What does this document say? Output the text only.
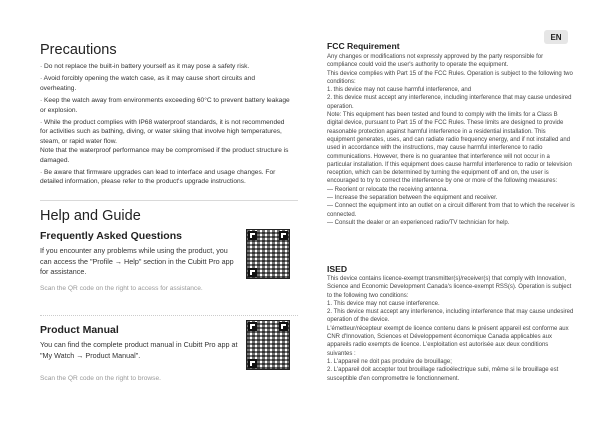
EN
Precautions

· Do not replace the built-in battery yourself as it may pose a safety risk.

· Avoid forcibly opening the watch case, as it may cause short circuits and overheating.

· Keep the watch away from environments exceeding 60°C to prevent battery leakage or explosion.

· While the product complies with IP68 waterproof standards, it is not recommended for activities such as bathing, diving, or water skiing that involve high temperatures, steam, or rapid water flow.

Note that the waterproof performance may be compromised if the product structure is damaged.

· Be aware that firmware upgrades can lead to interface and usage changes. For detailed information, please refer to the product's upgrade instructions.

Help and Guide
Frequently Asked Questions

If you encounter any problems while using the product, you can access the "Profile → Help" section in the Cubitt Pro app for assistance.

Scan the QR code on the right to access for assistance.

Product Manual

You can find the complete product manual in Cubitt Pro app at "My Watch → Product Manual".

Scan the QR code on the right to browse.

FCC Requirement

Any changes or modifications not expressly approved by the party responsible for compliance could void the user's authority to operate the equipment.

This device complies with Part 15 of the FCC Rules. Operation is subject to the following two conditions:

1. this device may not cause harmful interference, and

2. this device must accept any interference, including interference that may cause undesired operation.

Note: This equipment has been tested and found to comply with the limits for a Class B digital device, pursuant to Part 15 of the FCC Rules. These limits are designed to provide reasonable protection against harmful interference in a residential installation. This equipment generates, uses, and can radiate radio frequency energy, and if not installed and used in accordance with the instructions, may cause harmful interference to radio communications. However, there is no guarantee that interference will not occur in a particular installation. If this equipment does cause harmful interference to radio or television reception, which can be determined by turning the equipment off and on, the user is encouraged to try to correct the interference by one or more of the following measures:

— Reorient or relocate the receiving antenna.

— Increase the separation between the equipment and receiver.

— Connect the equipment into an outlet on a circuit different from that to which the receiver is connected.

— Consult the dealer or an experienced radio/TV technician for help.

ISED

This device contains licence-exempt transmitter(s)/receiver(s) that comply with Innovation, Science and Economic Development Canada's licence-exempt RSS(s). Operation is subject to the following two conditions:

1. This device may not cause interference.

2. This device must accept any interference, including interference that may cause undesired operation of the device.

L'émetteur/récepteur exempt de licence contenu dans le présent appareil est conforme aux

CNR d'Innovation, Sciences et Développement économique Canada applicables aux appareils radio exempts de licence. L'exploitation est autorisée aux deux conditions suivantes :

1. L'appareil ne doit pas produire de brouillage;

2. L'appareil doit accepter tout brouillage radioélectrique subi, même si le brouillage est susceptible d'en compromettre le fonctionnement.
